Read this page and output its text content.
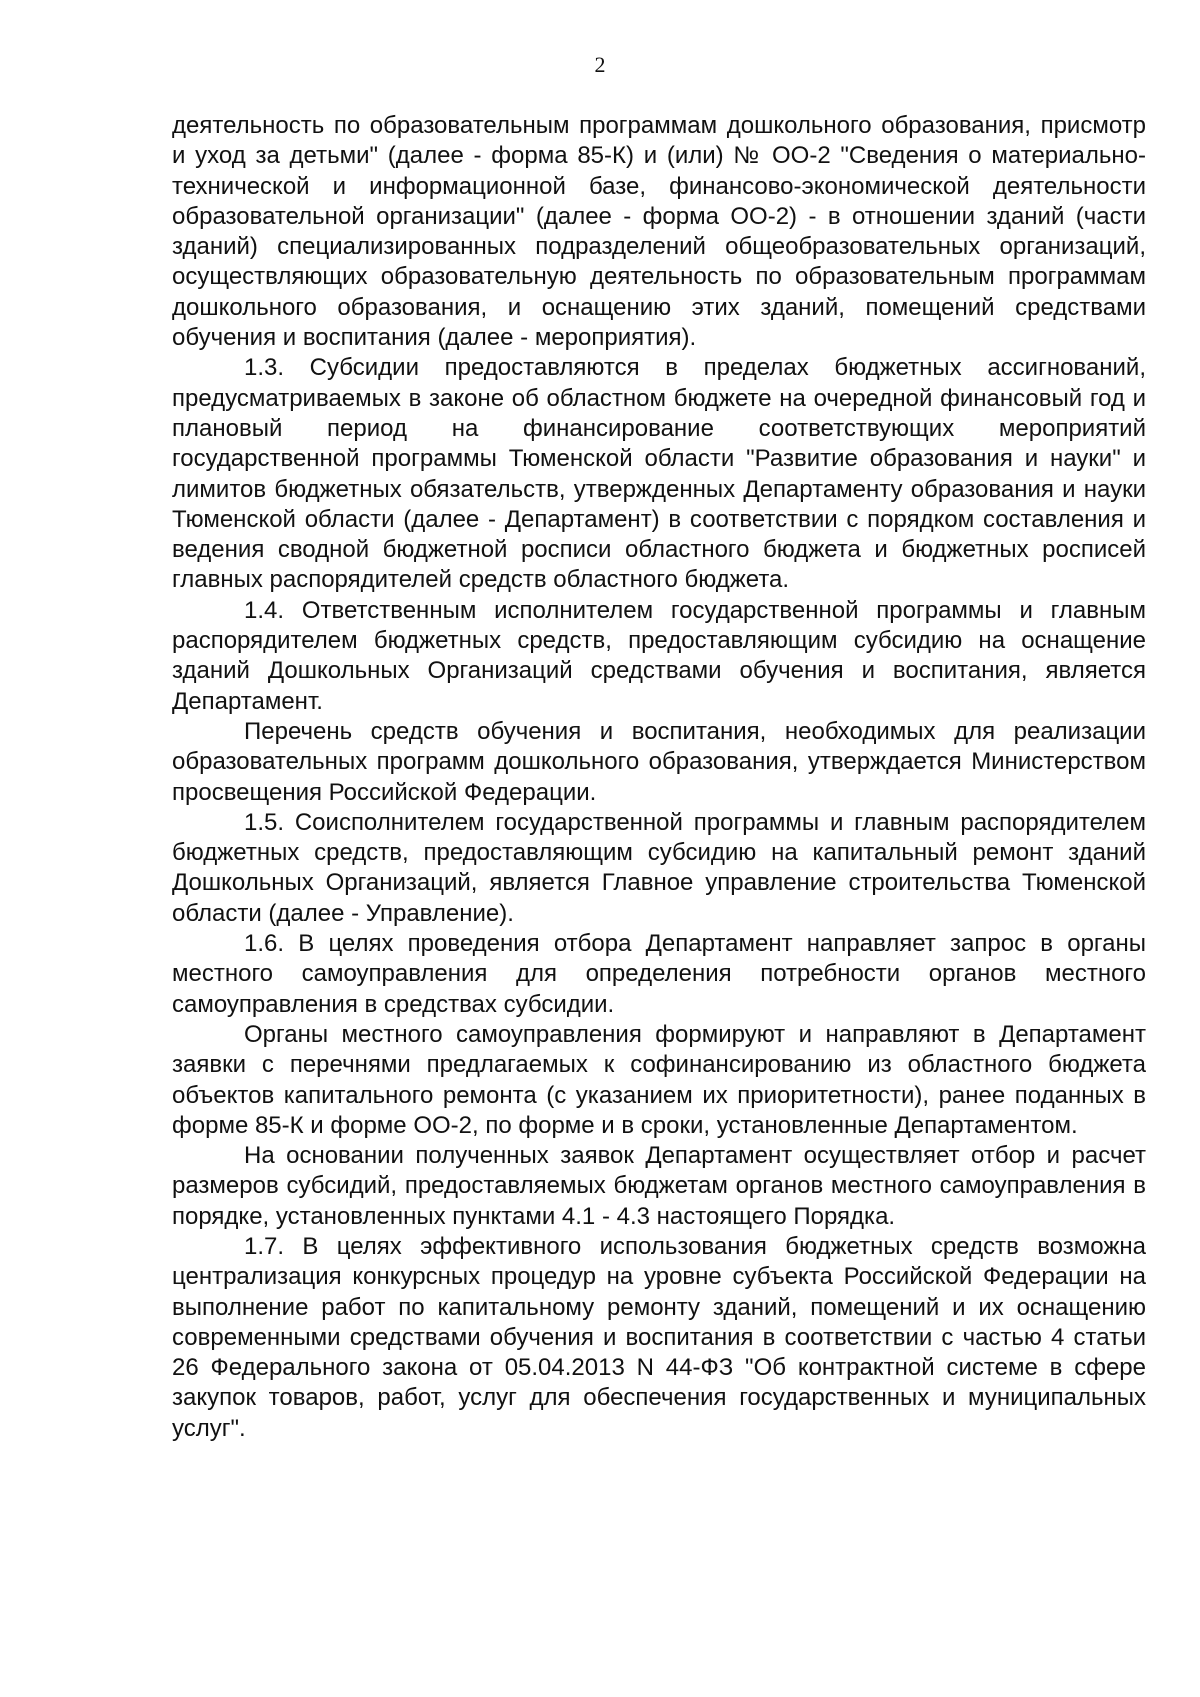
2

деятельность по образовательным программам дошкольного образования, присмотр и уход за детьми" (далее - форма 85-К) и (или) № ОО-2 "Сведения о материально-технической и информационной базе, финансово-экономической деятельности образовательной организации" (далее - форма ОО-2) - в отношении зданий (части зданий) специализированных подразделений общеобразовательных организаций, осуществляющих образовательную деятельность по образовательным программам дошкольного образования, и оснащению этих зданий, помещений средствами обучения и воспитания (далее - мероприятия).

1.3. Субсидии предоставляются в пределах бюджетных ассигнований, предусматриваемых в законе об областном бюджете на очередной финансовый год и плановый период на финансирование соответствующих мероприятий государственной программы Тюменской области "Развитие образования и науки" и лимитов бюджетных обязательств, утвержденных Департаменту образования и науки Тюменской области (далее - Департамент) в соответствии с порядком составления и ведения сводной бюджетной росписи областного бюджета и бюджетных росписей главных распорядителей средств областного бюджета.

1.4. Ответственным исполнителем государственной программы и главным распорядителем бюджетных средств, предоставляющим субсидию на оснащение зданий Дошкольных Организаций средствами обучения и воспитания, является Департамент.

Перечень средств обучения и воспитания, необходимых для реализации образовательных программ дошкольного образования, утверждается Министерством просвещения Российской Федерации.

1.5. Соисполнителем государственной программы и главным распорядителем бюджетных средств, предоставляющим субсидию на капитальный ремонт зданий Дошкольных Организаций, является Главное управление строительства Тюменской области (далее - Управление).

1.6. В целях проведения отбора Департамент направляет запрос в органы местного самоуправления для определения потребности органов местного самоуправления в средствах субсидии.

Органы местного самоуправления формируют и направляют в Департамент заявки с перечнями предлагаемых к софинансированию из областного бюджета объектов капитального ремонта (с указанием их приоритетности), ранее поданных в форме 85-К и форме ОО-2, по форме и в сроки, установленные Департаментом.

На основании полученных заявок Департамент осуществляет отбор и расчет размеров субсидий, предоставляемых бюджетам органов местного самоуправления в порядке, установленных пунктами 4.1 - 4.3 настоящего Порядка.

1.7. В целях эффективного использования бюджетных средств возможна централизация конкурсных процедур на уровне субъекта Российской Федерации на выполнение работ по капитальному ремонту зданий, помещений и их оснащению современными средствами обучения и воспитания в соответствии с частью 4 статьи 26 Федерального закона от 05.04.2013 N 44-ФЗ "Об контрактной системе в сфере закупок товаров, работ, услуг для обеспечения государственных и муниципальных услуг".
